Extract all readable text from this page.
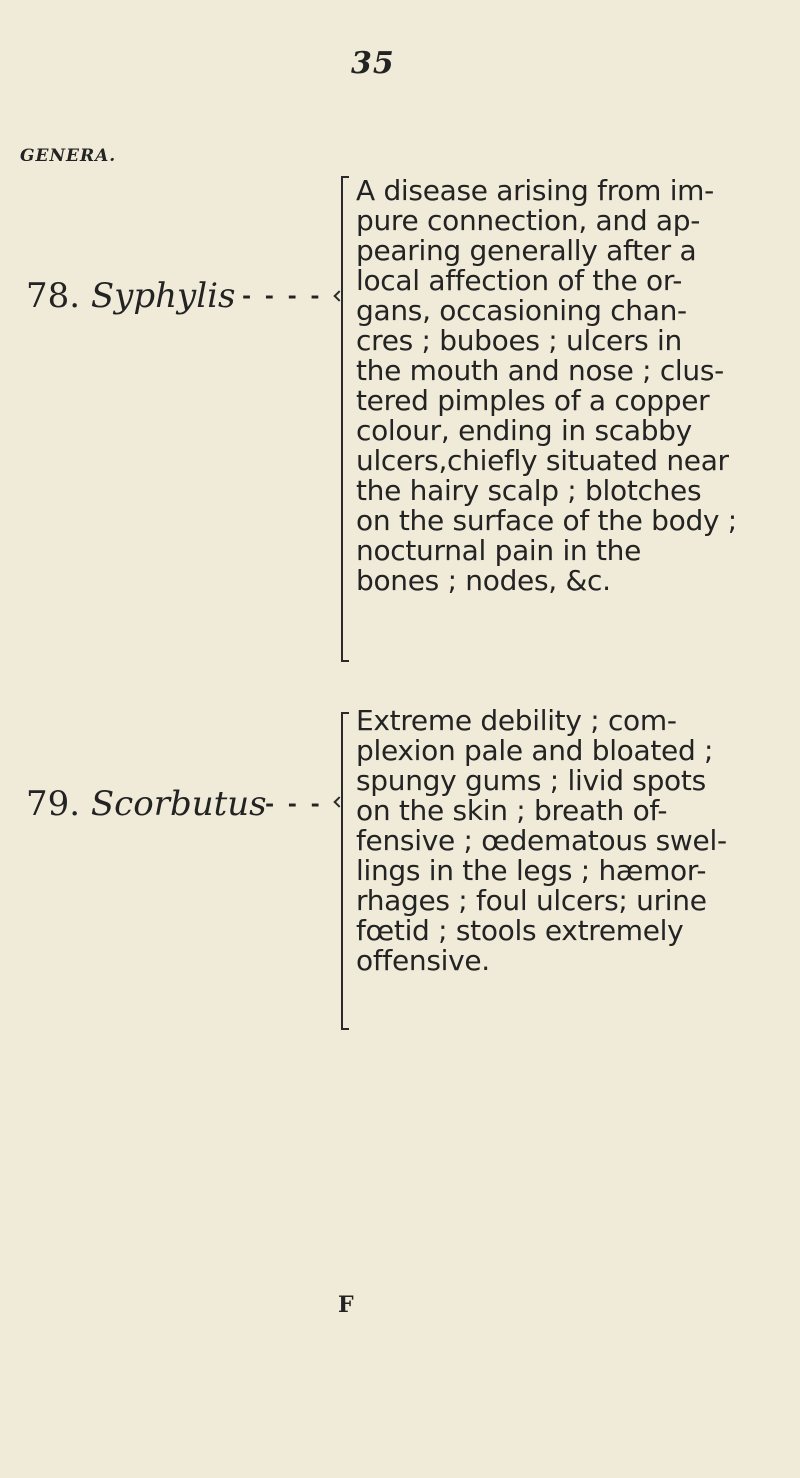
35
GENERA.
78. Syphylis - - - -
A disease arising from im-
pure connection, and ap-
pearing generally after a
local affection of the or-
gans, occasioning chan-
cres ; buboes ; ulcers in
the mouth and nose ; clus-
tered pimples of a copper
colour, ending in scabby
ulcers,chiefly situated near
the hairy scalp ; blotches
on the surface of the body ;
nocturnal pain in the
bones ; nodes, &c.
79. Scorbutus
- - -
Extreme debility ; com-
plexion pale and bloated ;
spungy gums ; livid spots
on the skin ; breath of-
fensive ; œdematous swel-
lings in the legs ; hæmor-
rhages ; foul ulcers; urine
fœtid ; stools extremely
offensive.
F
